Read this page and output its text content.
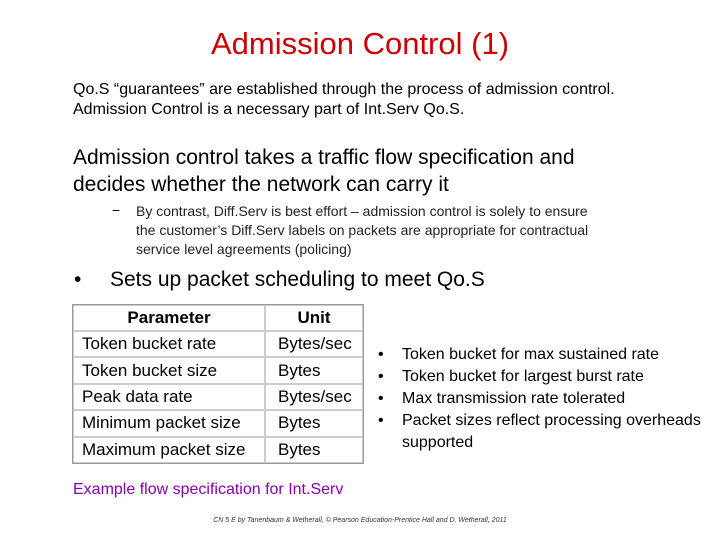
Admission Control (1)
Qo.S “guarantees” are established through the process of admission control.
Admission Control is a necessary part of Int.Serv Qo.S.
Admission control takes a traffic flow specification and
decides whether the network can carry it
− By contrast, Diff.Serv is best effort – admission control is solely to ensure
the customer’s Diff.Serv labels on packets are appropriate for contractual
service level agreements (policing)
• Sets up packet scheduling to meet Qo.S
Parameter	Unit
Token bucket rate	Bytes/sec
Token bucket size	Bytes
Peak data rate	Bytes/sec
Minimum packet size	Bytes
Maximum packet size	Bytes
• Token bucket for max sustained rate
• Token bucket for largest burst rate
• Max transmission rate tolerated
• Packet sizes reflect processing overheads supported
Example flow specification for Int.Serv
CN 5 E by Tanenbaum & Wetherall, © Pearson Education-Prentice Hall and D. Wetherall, 2011
